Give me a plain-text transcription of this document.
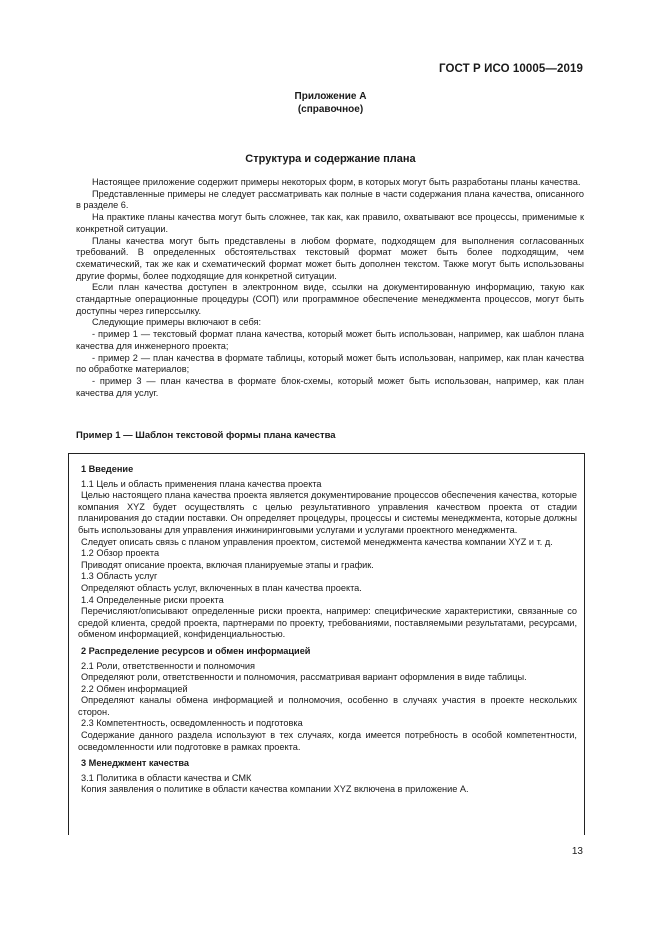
ГОСТ Р ИСО 10005—2019
Приложение А
(справочное)
Структура и содержание плана

Настоящее приложение содержит примеры некоторых форм, в которых могут быть разработаны планы качества.

Представленные примеры не следует рассматривать как полные в части содержания плана качества, описанного в разделе 6.

На практике планы качества могут быть сложнее, так как, как правило, охватывают все процессы, применимые к конкретной ситуации.

Планы качества могут быть представлены в любом формате, подходящем для выполнения согласованных требований. В определенных обстоятельствах текстовый формат может быть более подходящим, чем схематический, так же как и схематический формат может быть дополнен текстом. Также могут быть использованы другие формы, более подходящие для конкретной ситуации.

Если план качества доступен в электронном виде, ссылки на документированную информацию, такую как стандартные операционные процедуры (СОП) или программное обеспечение менеджмента процессов, могут быть доступны через гиперссылку.

Следующие примеры включают в себя:

- пример 1 — текстовый формат плана качества, который может быть использован, например, как шаблон плана качества для инженерного проекта;

- пример 2 — план качества в формате таблицы, который может быть использован, например, как план качества по обработке материалов;

- пример 3 — план качества в формате блок-схемы, который может быть использован, например, как план качества для услуг.

Пример 1 — Шаблон текстовой формы плана качества

1 Введение

1.1 Цель и область применения плана качества проекта

Целью настоящего плана качества проекта является документирование процессов обеспечения качества, которые компания XYZ будет осуществлять с целью результативного управления качеством проекта от стадии планирования до стадии поставки. Он определяет процедуры, процессы и системы менеджмента, которые должны быть использованы для управления инжиниринговыми услугами и услугами проектного менеджмента.

Следует описать связь с планом управления проектом, системой менеджмента качества компании XYZ и т. д.

1.2 Обзор проекта

Приводят описание проекта, включая планируемые этапы и график.

1.3 Область услуг

Определяют область услуг, включенных в план качества проекта.

1.4 Определенные риски проекта

Перечисляют/описывают определенные риски проекта, например: специфические характеристики, связанные со средой клиента, средой проекта, партнерами по проекту, требованиями, поставляемыми результатами, ресурсами, обменом информацией, конфиденциальностью.

2 Распределение ресурсов и обмен информацией

2.1 Роли, ответственности и полномочия

Определяют роли, ответственности и полномочия, рассматривая вариант оформления в виде таблицы.

2.2 Обмен информацией

Определяют каналы обмена информацией и полномочия, особенно в случаях участия в проекте нескольких сторон.

2.3 Компетентность, осведомленность и подготовка

Содержание данного раздела используют в тех случаях, когда имеется потребность в особой компетентности, осведомленности или подготовке в рамках проекта.

3 Менеджмент качества

3.1 Политика в области качества и СМК

Копия заявления о политике в области качества компании XYZ включена в приложение А.

13
